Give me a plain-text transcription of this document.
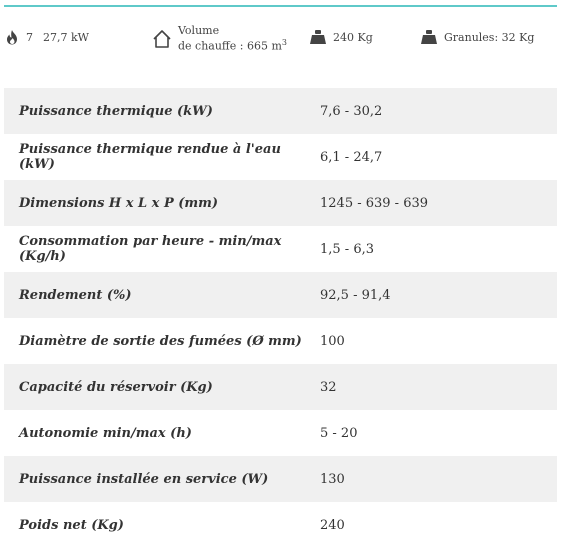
7 27,7 kW	Volume
de chauffe : 665 $m^3$	240 Kg	Granules: 32 Kg
Puissance thermique (kW)	7,6 - 30,2
Puissance thermique rendue à l'eau (kW)	6,1 - 24,7
Dimensions H x L x P (mm)	1245 - 639 - 639
Consommation par heure - min/max (Kg/h)	1,5 - 6,3
Rendement (%)	92,5 - 91,4
Diamètre de sortie des fumées (Ø mm)	100
Capacité du réservoir (Kg)	32
Autonomie min/max (h)	5 - 20
Puissance installée en service (W)	130
Poids net (Kg)	240
